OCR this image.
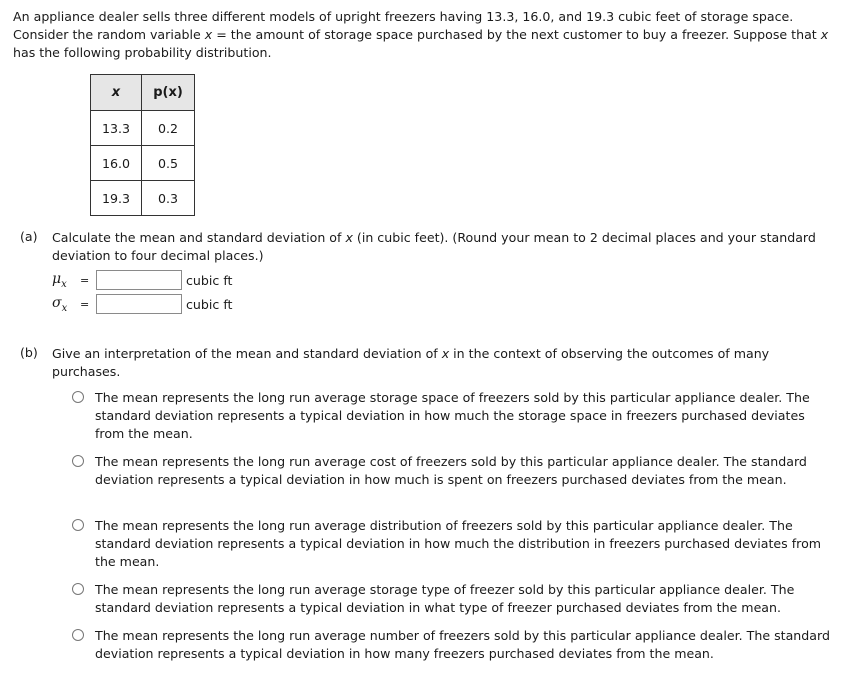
An appliance dealer sells three different models of upright freezers having 13.3, 16.0, and 19.3 cubic feet of storage space. Consider the random variable x = the amount of storage space purchased by the next customer to buy a freezer. Suppose that x has the following probability distribution.
x	p(x)
13.3	0.2
16.0	0.5
19.3	0.3
(a) Calculate the mean and standard deviation of x (in cubic feet). (Round your mean to 2 decimal places and your standard deviation to four decimal places.)
$\mu_x$	=	cubic ft
$\sigma_x$	=	cubic ft
(b) Give an interpretation of the mean and standard deviation of x in the context of observing the outcomes of many purchases.
The mean represents the long run average storage space of freezers sold by this particular appliance dealer. The standard deviation represents a typical deviation in how much the storage space in freezers purchased deviates from the mean.
The mean represents the long run average cost of freezers sold by this particular appliance dealer. The standard deviation represents a typical deviation in how much is spent on freezers purchased deviates from the mean.
The mean represents the long run average distribution of freezers sold by this particular appliance dealer. The standard deviation represents a typical deviation in how much the distribution in freezers purchased deviates from the mean.
The mean represents the long run average storage type of freezer sold by this particular appliance dealer. The standard deviation represents a typical deviation in what type of freezer purchased deviates from the mean.
The mean represents the long run average number of freezers sold by this particular appliance dealer. The standard deviation represents a typical deviation in how many freezers purchased deviates from the mean.
